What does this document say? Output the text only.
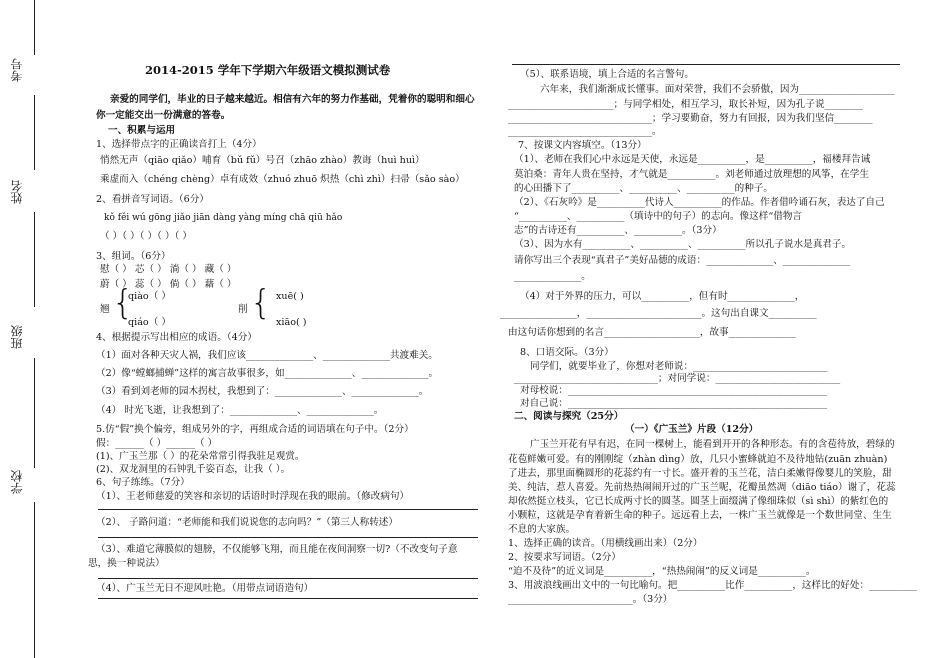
考号
姓名
班级
学校
2014-2015 学年下学期六年级语文模拟测试卷
亲爱的同学们，毕业的日子越来越近。相信有六年的努力作基础，凭着你的聪明和细心
你一定能交出一份满意的答卷。
一、积累与运用
1、选择带点字的正确读音打上（4分）
悄然无声（qiāo qiǎo）哺育（bǔ fǔ）号召（zhāo zhào）教诲（huì huì）
乘虚而入（chéng chèng）卓有成效（zhuó zhuō 炽热（chì zhì）扫帚（sǎo sào）
2、看拼音写词语。（6分）
kǒ fěi wú gōng jiǎo jiān dàng yàng míng chā qiū hǎo
（ ）（ ）（ ）（ ）（ ）
3、组词。（6分）
慰（ ） 芯（ ） 淌（ ） 藏（ ）
蔚（ ） 蕊（ ） 倘（ ） 藉（ ）
翘 {
qiào（ ）
qiáo（ ）
削 { xuē( )
xiāo( )
4、根据提示写出相应的成语。（4分）
（1）面对各种天灾人祸，我们应该______________、______________共渡难关。
（2）像“螳螂捕蝉”这样的寓言故事很多，如______________、______________。
（3）看到刘老师的园木拐杖，我想到了：______________、______________。
（4） 时光飞逝，让我想到了：______________、______________。
5.仿“假”换个偏旁，组成另外的字，再组成合适的词语填在句子中。（2分）
假：______（ ）______（ ）
(1)、广玉兰那（ ）的花朵常常引得我驻足观赏。
(2)、双龙洞里的石钟乳千姿百态，让我（ ）。
6、句子练练。（7分）
（1）、王老师慈爱的笑容和亲切的话语时时浮现在我的眼前。（修改病句）
（2）、 子路问道：“老师能和我们说说您的志向吗？”（第三人称转述）
（3）、难道它薄膜似的翅膀，不仅能够飞翔，而且能在夜间洞察一切?（不改变句子意
思，换一种说法）
（4）、广玉兰无日不迎风吐艳。（用带点词语造句）
（5）、联系语境，填上合适的名言警句。
六年来，我们渐渐成长懂事。面对荣誉，我们不会骄傲，因为____________________
______________________；与同学相处，相互学习，取长补短，因为孔子说________
______________________________；学习要勤奋，努力有回报，因为我们坚信________
______________________________。
7、按课文内容填空。（13分）
（1）、老师在我们心中永远是天使，永远是__________，是__________，福楼拜告诫
莫泊桑：青年人贵在坚持，才气就是__________。刘老师通过放理想的风筝，在学生
的心田播下了__________、__________、__________的种子。
（2）、《石灰吟》是__________代诗人__________的作品。作者借吟诵石灰，表达了自己
“__________、__________（填诗中的句子）的志向。像这样“借物言
志”的古诗还有__________、__________。（3分）
（3）、因为水有__________、__________、__________所以孔子说水是真君子。
请你写出三个表现“真君子”美好品德的成语：______________、______________
______________。
（4）对于外界的压力，可以__________，但有时______________，
________________，________________________。这句出自课文__________
由这句话你想到的名言____________________，故事______________
8、口语交际。（3分）
同学们，就要毕业了，你想对老师说：____________________________
______________________________；对同学说：__________________________
对母校说：______________________________________________________
对自己说：______________________________________________________
二、阅读与探究（25分）
（一）《广玉兰》片段（12分）
广玉兰开花有早有迟，在同一棵树上，能看到开开的各种形态。有的含苞待放，碧绿的
花苞鲜嫩可爱。有的刚刚绽（zhàn dìng）放，几只小蜜蜂就迫不及待地钻(zuān zhuàn)
了进去，那里面椭圆形的花蕊约有一寸长。盛开着的玉兰花，洁白柔嫩得像婴儿的笑脸，甜
美、纯洁，惹人喜爱。先前热热闹闹开过的广玉兰呢，花瓣虽然凋（diāo tiáo）谢了，花蕊
却依然挺立枝头，它已长成两寸长的圆茎。圆茎上面缀满了像细珠似（sì shì）的紫红色的
小颗粒，这就是孕育着新生命的种子。远远看上去，一株广玉兰就像是一个数世同堂、生生
不息的大家族。
1、选择正确的读音。（用横线画出来）（2分）
2、按要求写词语。（2分）
“迫不及待”的近义词是__________，“热热闹闹”的反义词是__________。
3、用波浪线画出文中的一句比喻句。把__________比作__________，这样比的好处：__________
__________________________。（3分）
